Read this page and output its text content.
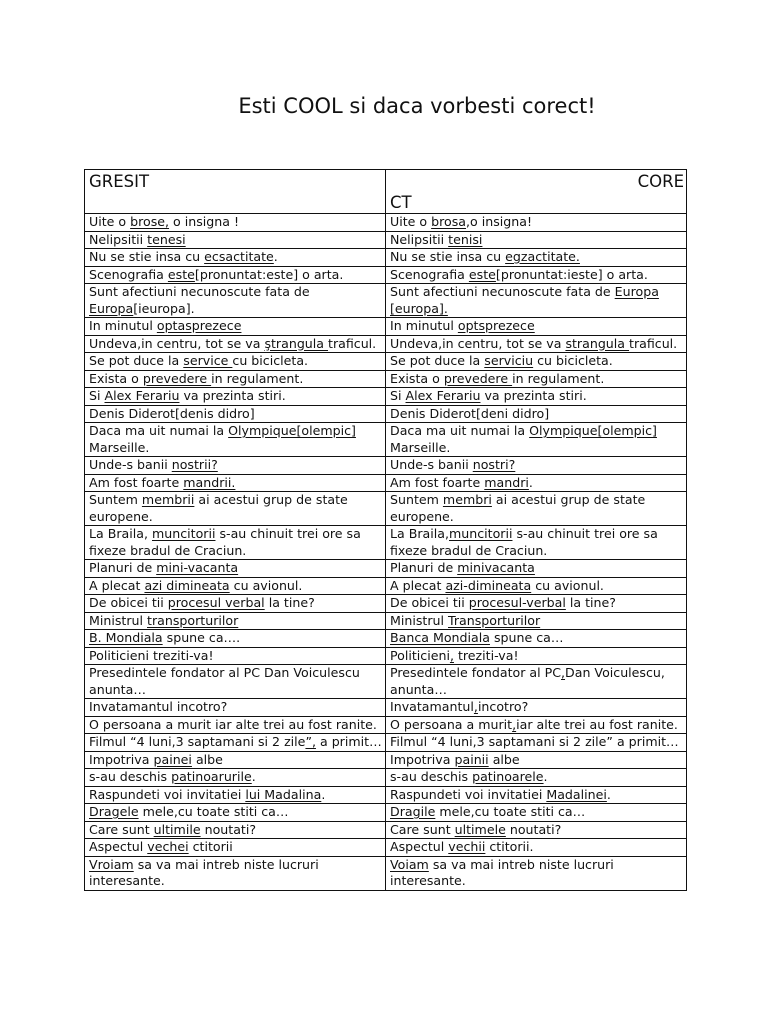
Esti COOL si daca vorbesti corect!
GRESIT	CORE
CT

Uite o brose, o insigna !	Uite o brosa,o insigna!
Nelipsitii tenesi	Nelipsitii tenisi
Nu se stie insa cu ecsactitate.	Nu se stie insa cu egzactitate.
Scenografia este[pronuntat:este] o arta.	Scenografia este[pronuntat:ieste] o arta.
Sunt afectiuni necunoscute fata de Europa[ieuropa].	Sunt afectiuni necunoscute fata de Europa [europa].
In minutul optasprezece	In minutul optsprezece
Undeva,in centru, tot se va ştrangula traficul.	Undeva,in centru, tot se va strangula traficul.
Se pot duce la service cu bicicleta.	Se pot duce la serviciu cu bicicleta.
Exista o prevedere in regulament.	Exista o prevedere in regulament.
Si Alex Ferariu va prezinta stiri.	Si Alex Ferariu va prezinta stiri.
Denis Diderot[denis didro]	Denis Diderot[deni didro]
Daca ma uit numai la Olympique[olempic] Marseille.	Daca ma uit numai la Olympique[olempic] Marseille.
Unde-s banii nostrii?	Unde-s banii nostri?
Am fost foarte mandrii.	Am fost foarte mandri.
Suntem membrii ai acestui grup de state europene.	Suntem membri ai acestui grup de state europene.
La Braila, muncitorii s-au chinuit trei ore sa fixeze bradul de Craciun.	La Braila,muncitorii s-au chinuit trei ore sa fixeze bradul de Craciun.
Planuri de mini-vacanta	Planuri de minivacanta
A plecat azi dimineata cu avionul.	A plecat azi-dimineata cu avionul.
De obicei tii procesul verbal la tine?	De obicei tii procesul-verbal la tine?
Ministrul transporturilor	Ministrul Transporturilor
B. Mondiala spune ca….	Banca Mondiala spune ca…
Politicieni treziti-va!	Politicieni, treziti-va!
Presedintele fondator al PC Dan Voiculescu anunta…	Presedintele fondator al PC,Dan Voiculescu, anunta…
Invatamantul incotro?	Invatamantul,incotro?
O persoana a murit iar alte trei au fost ranite.	O persoana a murit,iar alte trei au fost ranite.
Filmul “4 luni,3 saptamani si 2 zile”, a primit…	Filmul “4 luni,3 saptamani si 2 zile” a primit…
Impotriva painei albe	Impotriva painii albe
s-au deschis patinoarurile.	s-au deschis patinoarele.
Raspundeti voi invitatiei lui Madalina.	Raspundeti voi invitatiei Madalinei.
Dragele mele,cu toate stiti ca…	Dragile mele,cu toate stiti ca…
Care sunt ultimile noutati?	Care sunt ultimele noutati?
Aspectul vechei ctitorii	Aspectul vechii ctitorii.
Vroiam sa va mai intreb niste lucruri interesante.	Voiam sa va mai intreb niste lucruri interesante.
